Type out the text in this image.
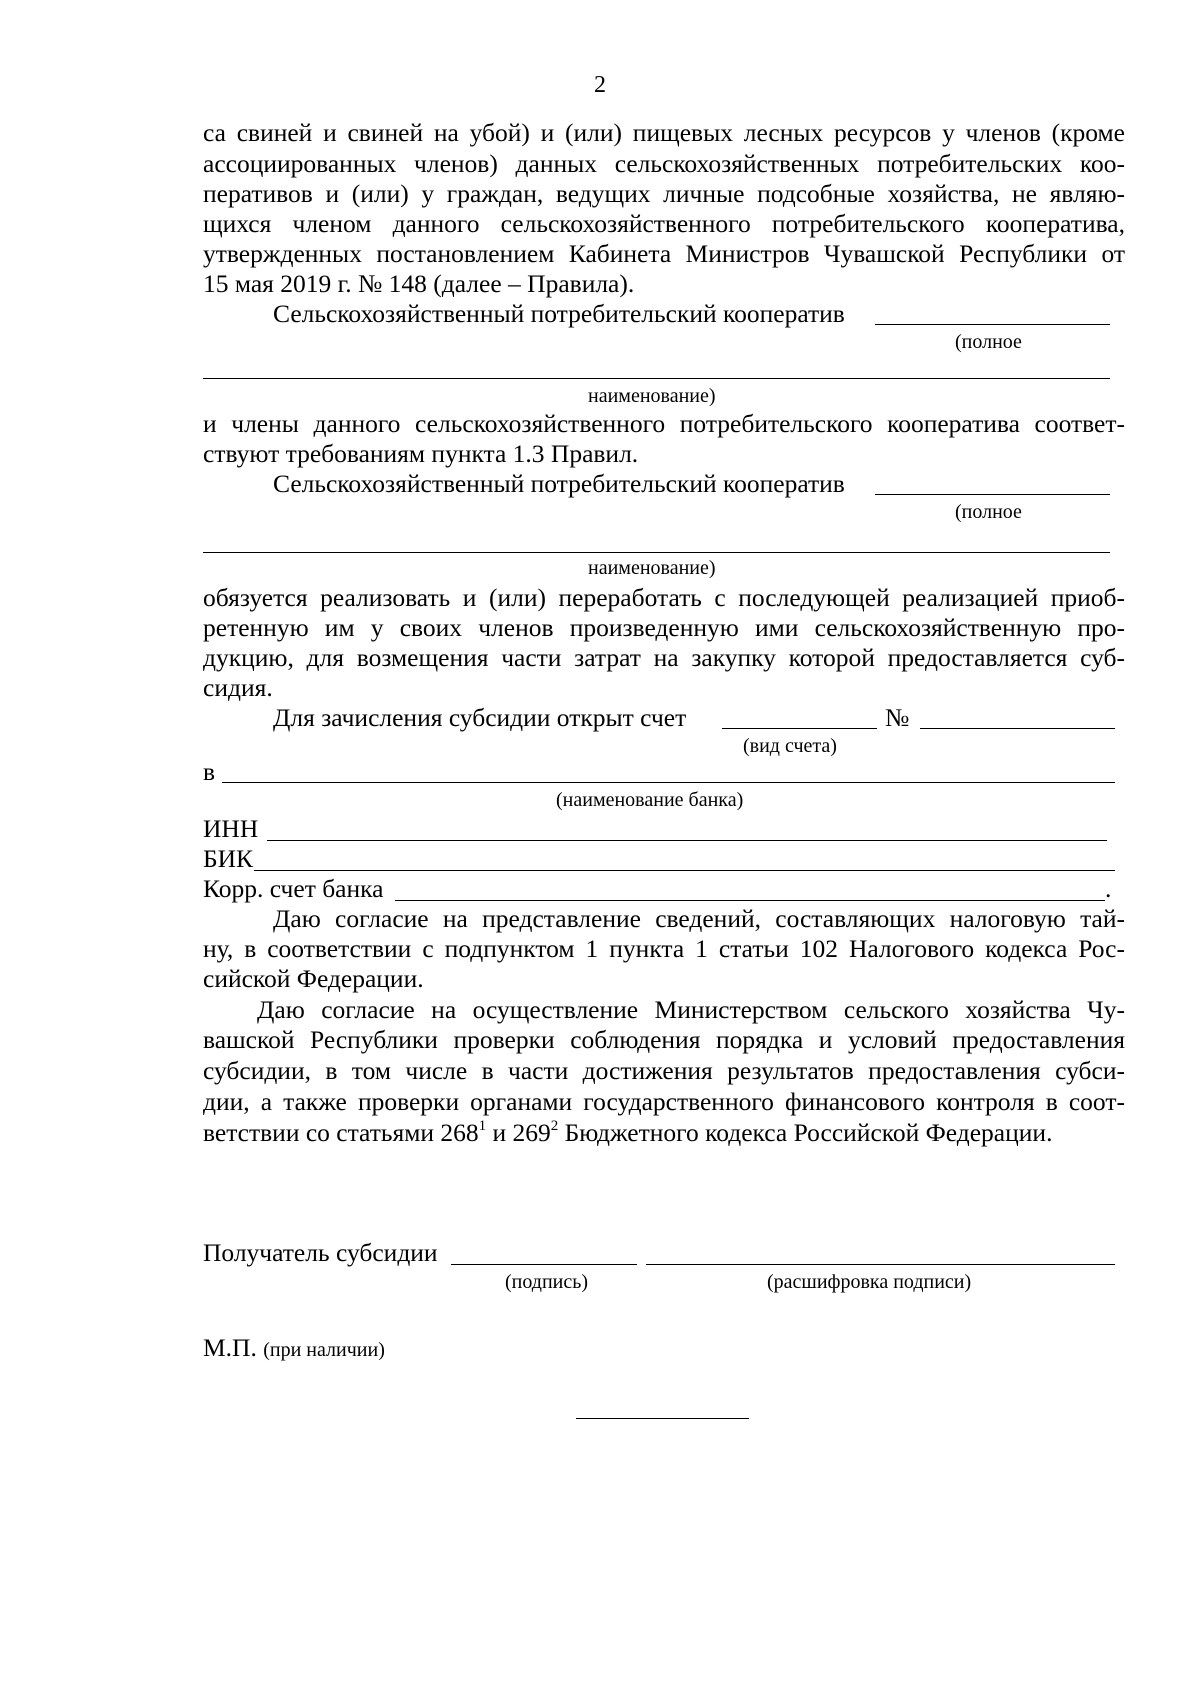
2
са свиней и свиней на убой) и (или) пищевых лесных ресурсов у членов (кроме
ассоциированных членов) данных сельскохозяйственных потребительских коо-
перативов и (или) у граждан, ведущих личные подсобные хозяйства, не являю-
щихся членом данного сельскохозяйственного потребительского кооператива,
утвержденных постановлением Кабинета Министров Чувашской Республики от
15 мая 2019 г. № 148 (далее – Правила).
Сельскохозяйственный потребительский кооператив
(полное
наименование)
и члены данного сельскохозяйственного потребительского кооператива соответ-
ствуют требованиям пункта 1.3 Правил.
Сельскохозяйственный потребительский кооператив
(полное
наименование)
обязуется реализовать и (или) переработать с последующей реализацией приоб-
ретенную им у своих членов произведенную ими сельскохозяйственную про-
дукцию, для возмещения части затрат на закупку которой предоставляется суб-
сидия.
Для зачисления субсидии открыт счет	№
(вид счета)
в
(наименование банка)
ИНН
БИК
Корр. счет банка	.
Даю согласие на представление сведений, составляющих налоговую тай-
ну, в соответствии с подпунктом 1 пункта 1 статьи 102 Налогового кодекса Рос-
сийской Федерации.
Даю согласие на осуществление Министерством сельского хозяйства Чу-
вашской Республики проверки соблюдения порядка и условий предоставления
субсидии, в том числе в части достижения результатов предоставления субси-
дии, а также проверки органами государственного финансового контроля в соот-
ветствии со статьями $268^1$ и $269^2$ Бюджетного кодекса Российской Федерации.
Получатель субсидии
(подпись)	(расшифровка подписи)
М.П. (при наличии)
